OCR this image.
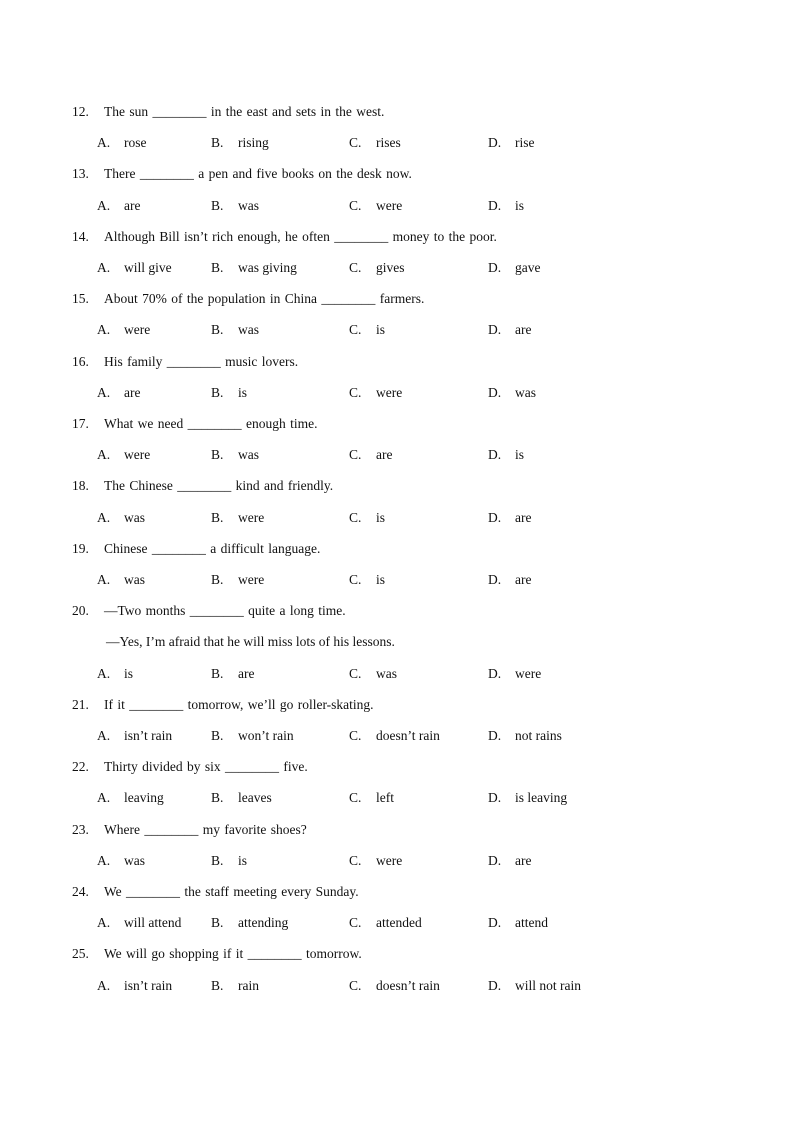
12. The sun ________ in the east and sets in the west.
A. rose	B. rising	C. rises	D. rise
13. There ________ a pen and five books on the desk now.
A. are	B. was	C. were	D. is
14. Although Bill isn’t rich enough, he often ________ money to the poor.
A. will give	B. was giving	C. gives	D. gave
15. About 70% of the population in China ________ farmers.
A. were	B. was	C. is	D. are
16. His family ________ music lovers.
A. are	B. is	C. were	D. was
17. What we need ________ enough time.
A. were	B. was	C. are	D. is
18. The Chinese ________ kind and friendly.
A. was	B. were	C. is	D. are
19. Chinese ________ a difficult language.
A. was	B. were	C. is	D. are
20. —Two months ________ quite a long time.
—Yes, I’m afraid that he will miss lots of his lessons.
A. is	B. are	C. was	D. were
21. If it ________ tomorrow, we’ll go roller-skating.
A. isn’t rain	B. won’t rain	C. doesn’t rain	D. not rains
22. Thirty divided by six ________ five.
A. leaving	B. leaves	C. left	D. is leaving
23. Where ________ my favorite shoes?
A. was	B. is	C. were	D. are
24. We ________ the staff meeting every Sunday.
A. will attend B. attending	C. attended	D. attend
25. We will go shopping if it ________ tomorrow.
A. isn’t rain	B. rain	C. doesn’t rain	D. will not rain
